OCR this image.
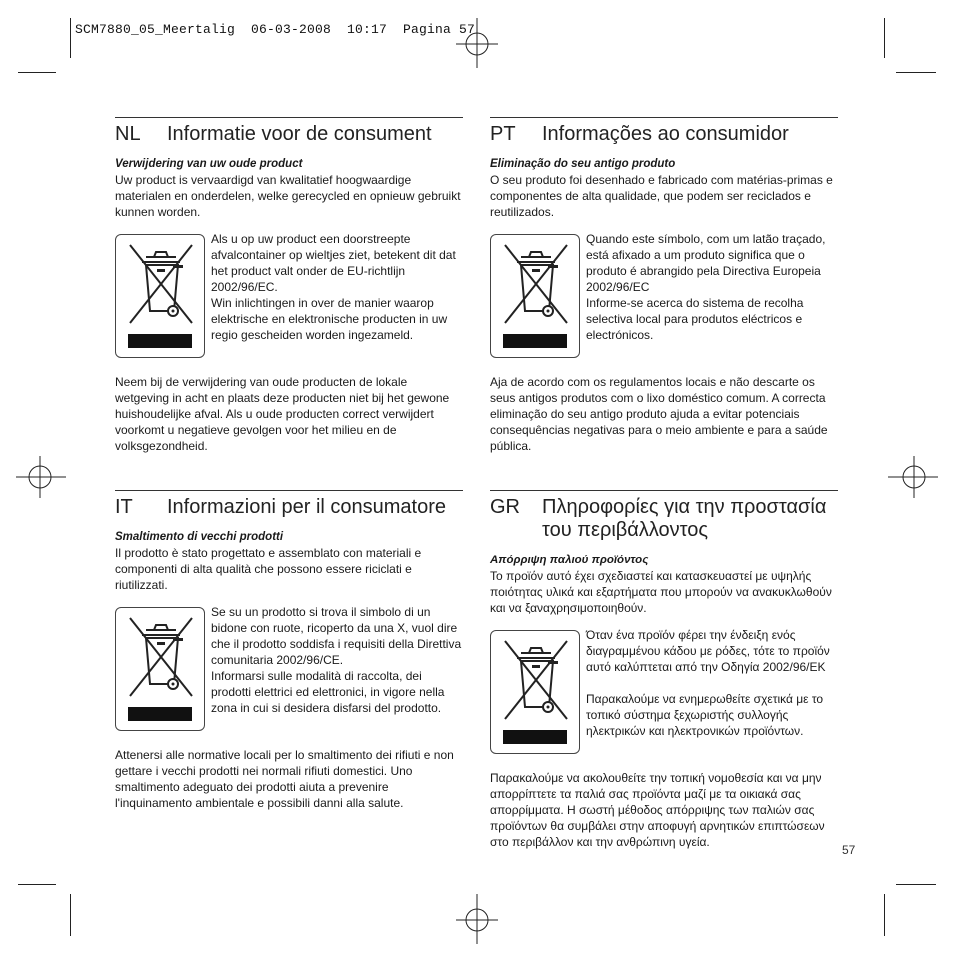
SCM7880_05_Meertalig  06-03-2008  10:17  Pagina 57
NL	Informatie voor de consument
Verwijdering van uw oude product

Uw product is vervaardigd van kwalitatief hoogwaardige materialen en onderdelen, welke gerecycled en opnieuw gebruikt kunnen worden.

Als u op uw product een doorstreepte afvalcontainer op wieltjes ziet, betekent dit dat het product valt onder de EU-richtlijn 2002/96/EC.
Win inlichtingen in over de manier waarop elektrische en elektronische producten in uw regio gescheiden worden ingezameld.

Neem bij de verwijdering van oude producten de lokale wetgeving in acht en plaats deze producten niet bij het gewone huishoudelijke afval. Als u oude producten correct verwijdert voorkomt u negatieve gevolgen voor het milieu en de volksgezondheid.

IT	Informazioni per il consumatore
Smaltimento di vecchi prodotti

Il prodotto è stato progettato e assemblato con materiali e componenti di alta qualità che possono essere riciclati e riutilizzati.

Se su un prodotto si trova il simbolo di un bidone con ruote, ricoperto da una X, vuol dire che il prodotto soddisfa i requisiti della Direttiva comunitaria 2002/96/CE.
Informarsi sulle modalità di raccolta, dei prodotti elettrici ed elettronici, in vigore nella zona in cui si desidera disfarsi del prodotto.

Attenersi alle normative locali per lo smaltimento dei rifiuti e non gettare i vecchi prodotti nei normali rifiuti domestici. Uno smaltimento adeguato dei prodotti aiuta a prevenire l'inquinamento ambientale e possibili danni alla salute.

PT	Informações ao consumidor
Eliminação do seu antigo produto

O seu produto foi desenhado e fabricado com matérias-primas e componentes de alta qualidade, que podem ser reciclados e reutilizados.

Quando este símbolo, com um latão traçado, está afixado a um produto significa que o produto é abrangido pela Directiva Europeia 2002/96/EC
Informe-se acerca do sistema de recolha selectiva local para produtos eléctricos e electrónicos.

Aja de acordo com os regulamentos locais e não descarte os seus antigos produtos com o lixo doméstico comum. A correcta eliminação do seu antigo produto ajuda a evitar potenciais consequências negativas para o meio ambiente e para a saúde pública.

GR	Πληροφορίες για την προστασία του περιβάλλοντος
Απόρριψη παλιού προϊόντος

Το προϊόν αυτό έχει σχεδιαστεί και κατασκευαστεί με υψηλής ποιότητας υλικά και εξαρτήματα που μπορούν να ανακυκλωθούν και να ξαναχρησιμοποιηθούν.

Όταν ένα προϊόν φέρει την ένδειξη ενός διαγραμμένου κάδου με ρόδες, τότε το προϊόν αυτό καλύπτεται από την Οδηγία 2002/96/ΕΚ
Παρακαλούμε να ενημερωθείτε σχετικά με το τοπικό σύστημα ξεχωριστής συλλογής ηλεκτρικών και ηλεκτρονικών προϊόντων.

Παρακαλούμε να ακολουθείτε την τοπική νομοθεσία και να μην απορρίπτετε τα παλιά σας προϊόντα μαζί με τα οικιακά σας απορρίμματα. Η σωστή μέθοδος απόρριψης των παλιών σας προϊόντων θα συμβάλει στην αποφυγή αρνητικών επιπτώσεων στο περιβάλλον και την ανθρώπινη υγεία.

57
